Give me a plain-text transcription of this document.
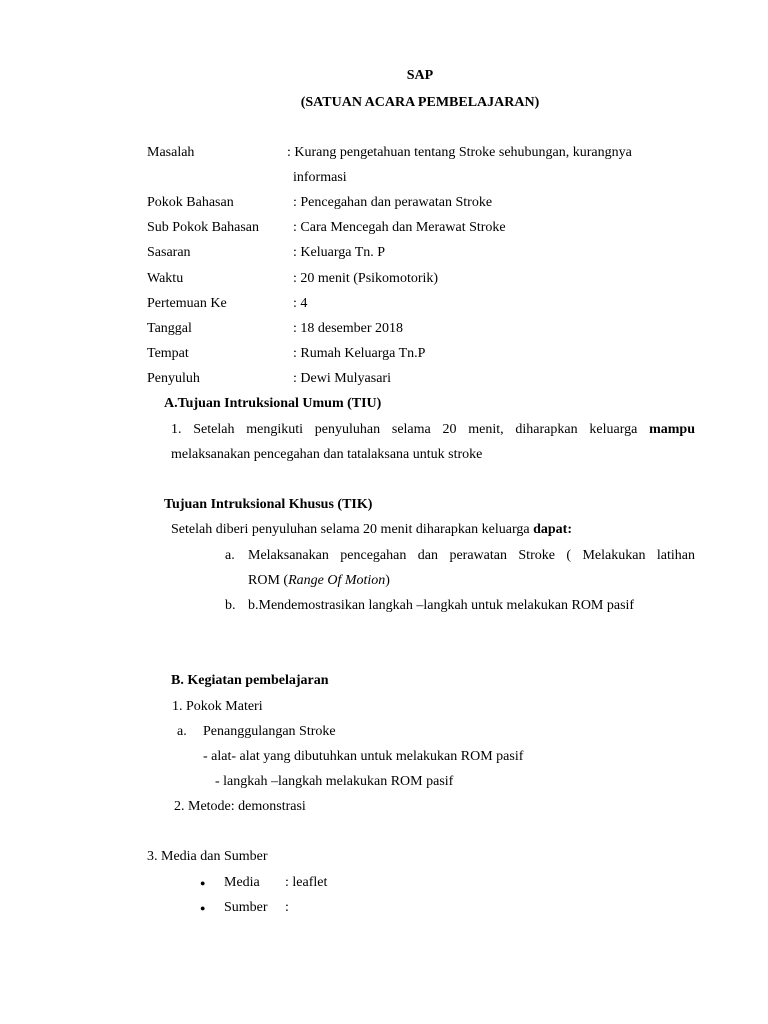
SAP
(SATUAN ACARA PEMBELAJARAN)
Masalah	: Kurang pengetahuan tentang Stroke sehubungan, kurangnya
informasi
Pokok Bahasan	: Pencegahan dan perawatan Stroke
Sub Pokok Bahasan : Cara Mencegah dan Merawat Stroke
Sasaran	: Keluarga Tn. P
Waktu	: 20 menit (Psikomotorik)
Pertemuan Ke	: 4
Tanggal	: 18 desember 2018
Tempat	: Rumah Keluarga Tn.P
Penyuluh	: Dewi Mulyasari
A.Tujuan Intruksional Umum (TIU)
1. Setelah mengikuti penyuluhan selama 20 menit, diharapkan keluarga mampu
melaksanakan pencegahan dan tatalaksana untuk stroke
Tujuan Intruksional Khusus (TIK)
Setelah diberi penyuluhan selama 20 menit diharapkan keluarga dapat:
a. Melaksanakan pencegahan dan perawatan Stroke ( Melakukan latihan
ROM (Range Of Motion)
b. b.Mendemostrasikan langkah –langkah untuk melakukan ROM pasif
B. Kegiatan pembelajaran
1. Pokok Materi
a. Penanggulangan Stroke
- alat- alat yang dibutuhkan untuk melakukan ROM pasif
- langkah –langkah melakukan ROM pasif
2. Metode: demonstrasi
3. Media dan Sumber
● Media : leaflet
● Sumber :
